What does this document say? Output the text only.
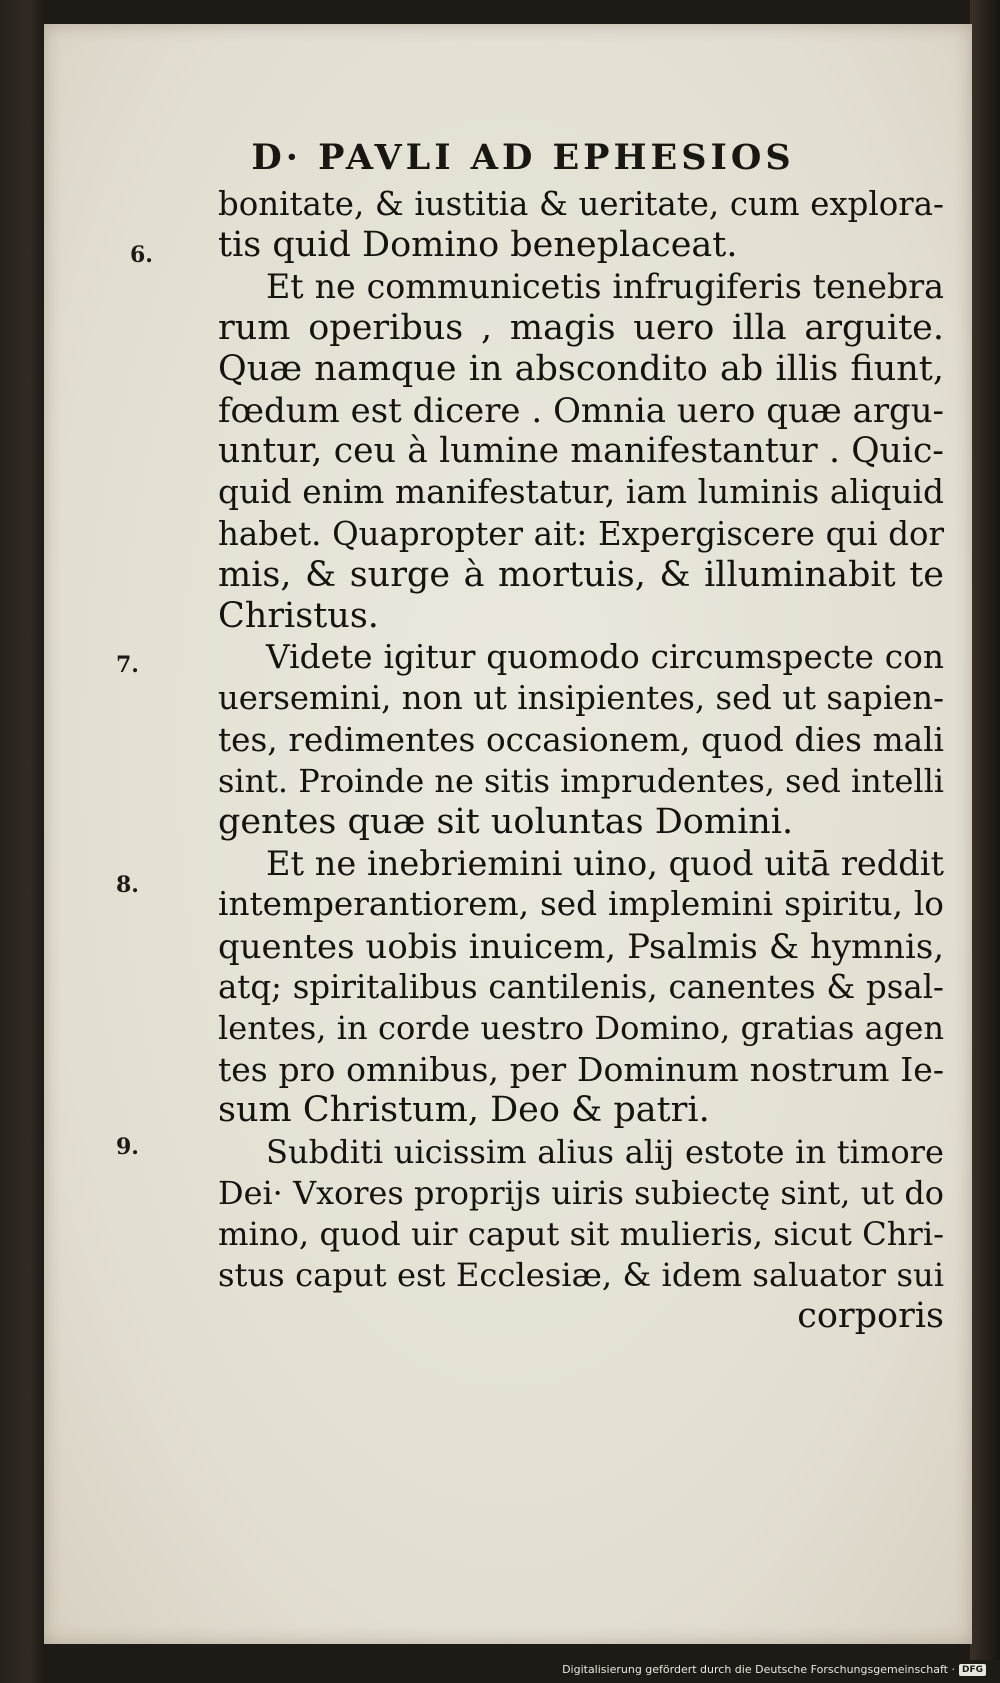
D· PAVLI AD EPHESIOS
6.
7.
8.
9.
bonitate, & iustitia & ueritate, cum explora-
tis quid Domino beneplaceat.
Et ne communicetis infrugiferis tenebra
rum operibus , magis uero illa arguite.
Quæ namque in abscondito ab illis fiunt,
fœdum est dicere . Omnia uero quæ argu-
untur, ceu à lumine manifestantur . Quic-
quid enim manifestatur, iam luminis aliquid
habet. Quapropter ait: Expergiscere qui dor
mis, & surge à mortuis, & illuminabit te
Christus.
Videte igitur quomodo circumspecte con
uersemini, non ut insipientes, sed ut sapien-
tes, redimentes occasionem, quod dies mali
sint. Proinde ne sitis imprudentes, sed intelli
gentes quæ sit uoluntas Domini.
Et ne inebriemini uino, quod uitā reddit
intemperantiorem, sed implemini spiritu, lo
quentes uobis inuicem, Psalmis & hymnis,
atq; spiritalibus cantilenis, canentes & psal-
lentes, in corde uestro Domino, gratias agen
tes pro omnibus, per Dominum nostrum Ie-
sum Christum, Deo & patri.
Subditi uicissim alius alij estote in timore
Dei· Vxores proprijs uiris subiectę sint, ut do
mino, quod uir caput sit mulieris, sicut Chri-
stus caput est Ecclesiæ, & idem saluator sui
corporis
Digitalisierung gefördert durch die Deutsche Forschungsgemeinschaft · DFG
